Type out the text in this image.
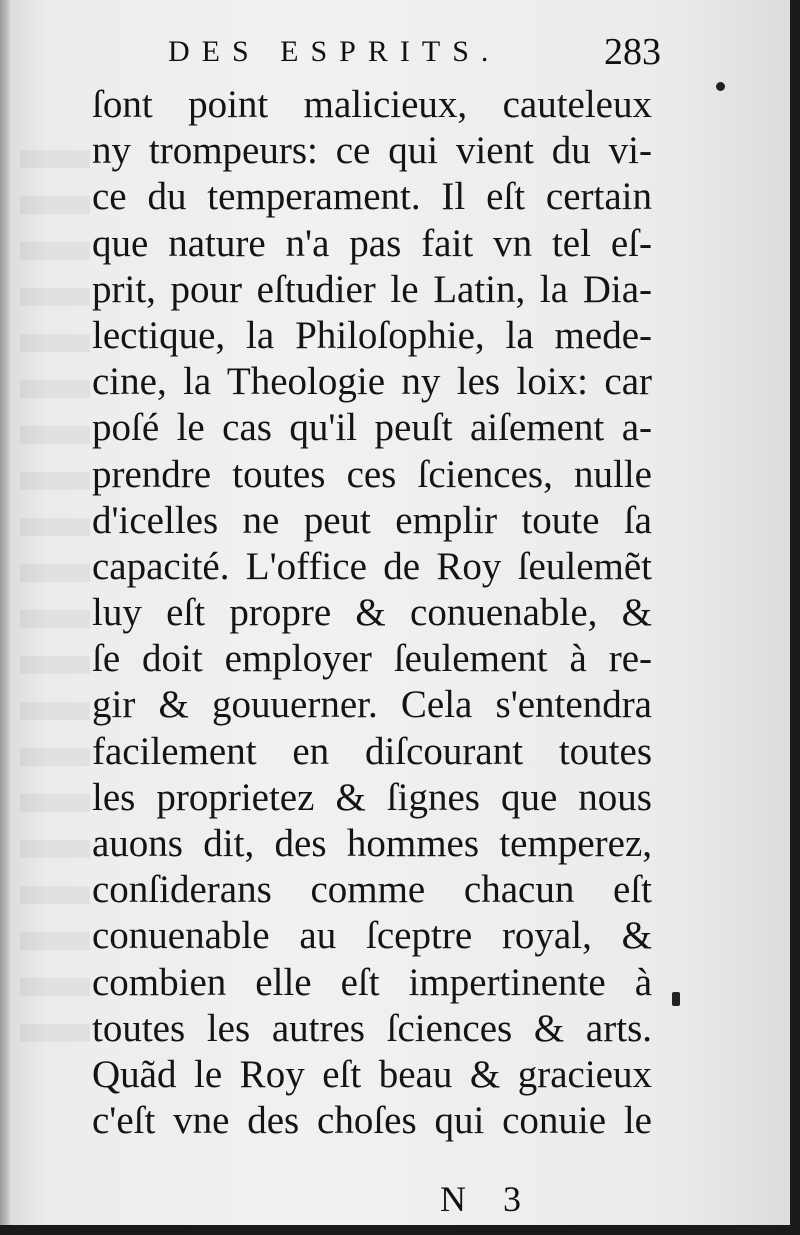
DES ESPRITS.	283
ſont point malicieux, cauteleux
ny trompeurs: ce qui vient du vi-
ce du temperament. Il eſt certain
que nature n'a pas fait vn tel eſ-
prit, pour eſtudier le Latin, la Dia-
lectique, la Philoſophie, la mede-
cine, la Theologie ny les loix: car
poſé le cas qu'il peuſt aiſement a-
prendre toutes ces ſciences, nulle
d'icelles ne peut emplir toute ſa
capacité. L'office de Roy ſeulemẽt
luy eſt propre & conuenable, &
ſe doit employer ſeulement à re-
gir & gouuerner. Cela s'entendra
facilement en diſcourant toutes
les proprietez & ſignes que nous
auons dit, des hommes temperez,
conſiderans comme chacun eſt
conuenable au ſceptre royal, &
combien elle eſt impertinente à
toutes les autres ſciences & arts.
Quãd le Roy eſt beau & gracieux
c'eſt vne des choſes qui conuie le
N 3
